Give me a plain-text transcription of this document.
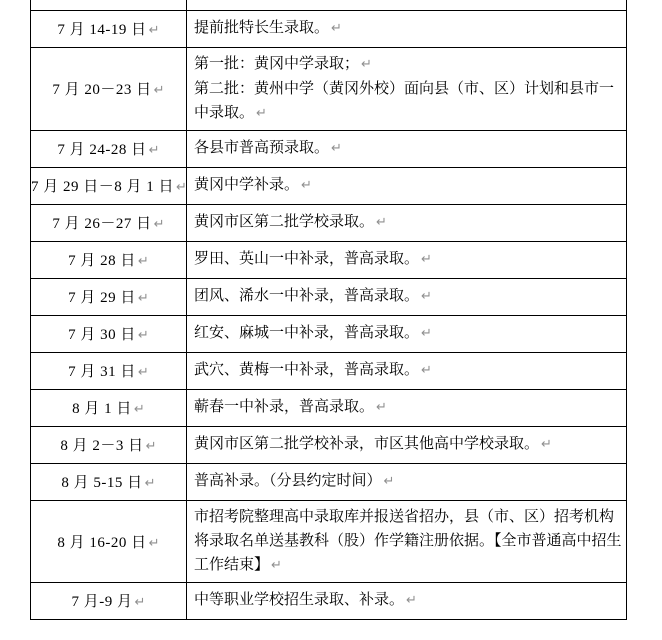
7 月 14-19 日 ↵	提前批特长生录取。 ↵

7 月 20－23 日 ↵	第一批：黄冈中学录取； ↵
第二批：黄州中学（黄冈外校）面向县（市、区）计划和县市一中录取。 ↵

7 月 24-28 日 ↵	各县市普高预录取。 ↵

7 月 29 日－8 月 1 日 ↵	黄冈中学补录。 ↵

7 月 26－27 日 ↵	黄冈市区第二批学校录取。 ↵

7 月 28 日 ↵	罗田、英山一中补录，普高录取。 ↵

7 月 29 日 ↵	团风、浠水一中补录，普高录取。 ↵

7 月 30 日 ↵	红安、麻城一中补录，普高录取。 ↵

7 月 31 日 ↵	武穴、黄梅一中补录，普高录取。 ↵

8 月 1 日 ↵	蕲春一中补录，普高录取。 ↵

8 月 2－3 日 ↵	黄冈市区第二批学校补录，市区其他高中学校录取。 ↵

8 月 5-15 日 ↵	普高补录。（分县约定时间） ↵

8 月 16-20 日 ↵	市招考院整理高中录取库并报送省招办，县（市、区）招考机构将录取名单送基教科（股）作学籍注册依据。【全市普通高中招生工作结束】 ↵

7 月-9 月 ↵	中等职业学校招生录取、补录。 ↵
